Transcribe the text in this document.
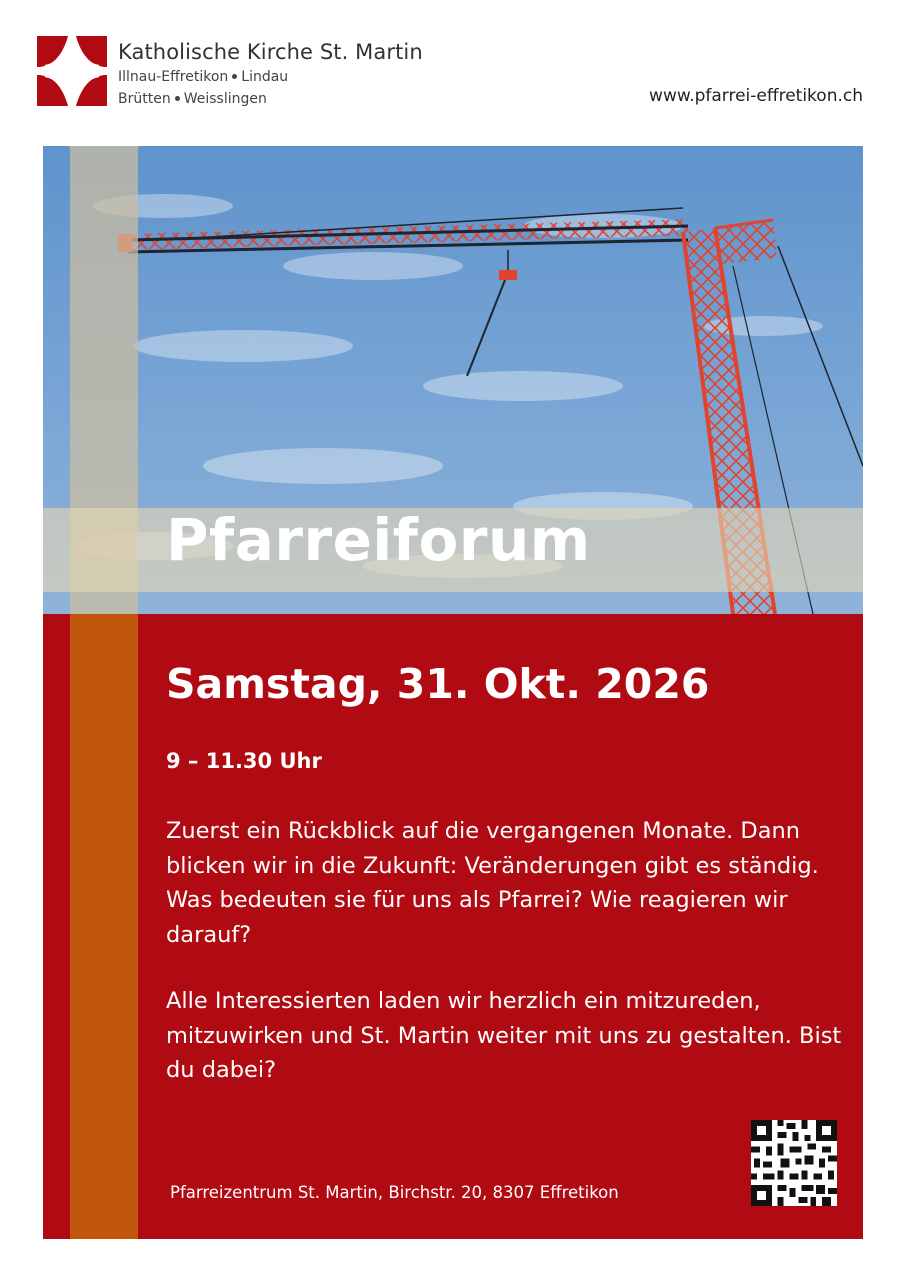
Katholische Kirche St. Martin
Illnau-Effretikon Lindau
Brütten Weisslingen	www.pfarrei-effretikon.ch
Pfarreiforum
Samstag, 31. Okt. 2026
9 – 11.30 Uhr
Zuerst ein Rückblick auf die vergangenen Monate. Dann blicken wir in die Zukunft: Veränderungen gibt es ständig. Was bedeuten sie für uns als Pfarrei? Wie reagieren wir darauf?
Alle Interessierten laden wir herzlich ein mitzureden, mitzuwirken und St. Martin weiter mit uns zu gestalten. Bist du dabei?
Pfarreizentrum St. Martin, Birchstr. 20, 8307 Effretikon
